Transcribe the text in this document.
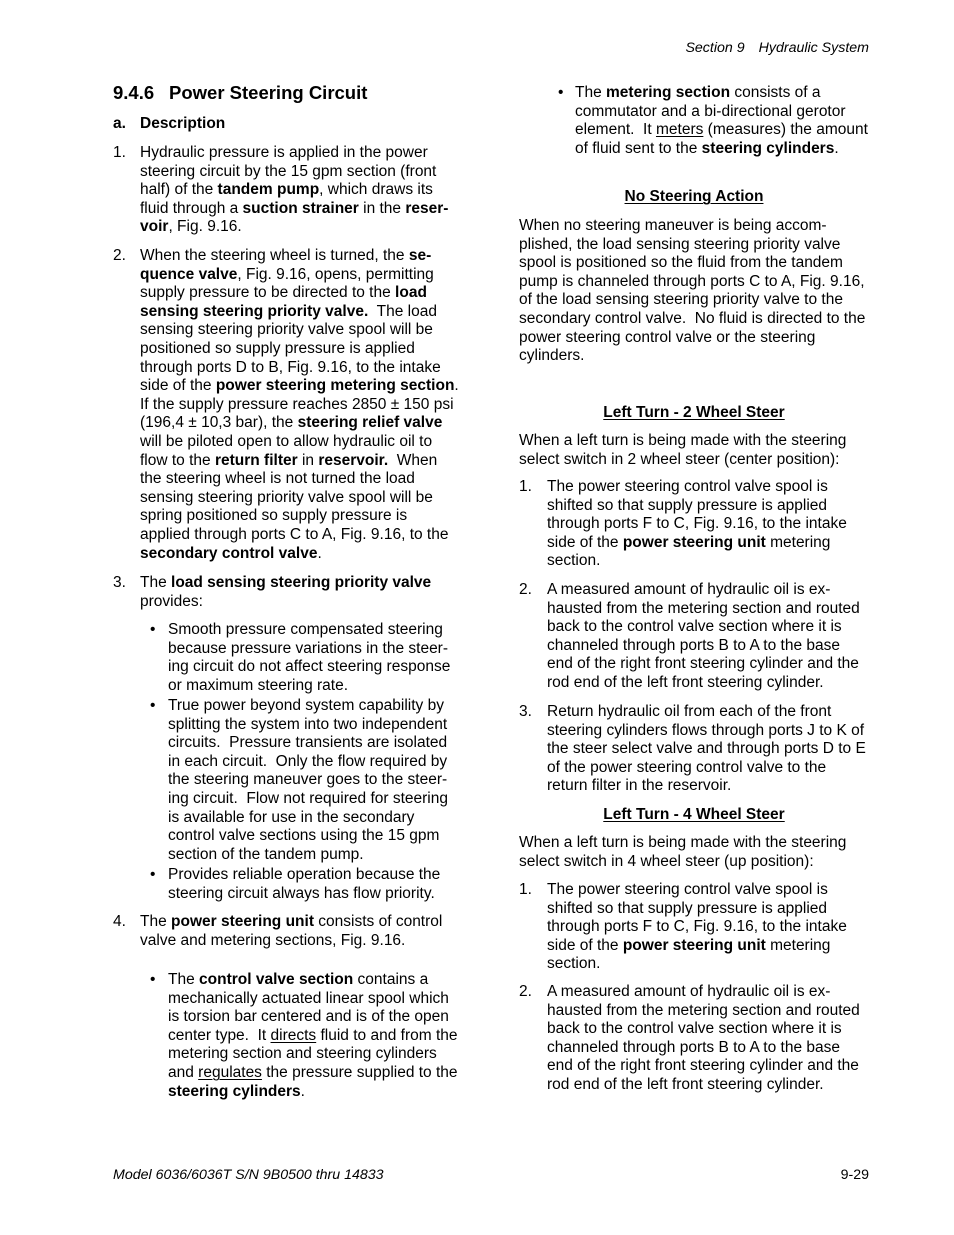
Section 9 Hydraulic System
9.4.6 Power Steering Circuit

a.

Description

1.

Hydraulic pressure is applied in the power
steering circuit by the 15 gpm section (front
half) of the tandem pump, which draws its
fluid through a suction strainer in the reser-
voir, Fig. 9.16.

2.

When the steering wheel is turned, the se-
quence valve, Fig. 9.16, opens, permitting
supply pressure to be directed to the load
sensing steering priority valve.  The load
sensing steering priority valve spool will be
positioned so supply pressure is applied
through ports D to B, Fig. 9.16, to the intake
side of the power steering metering section.
If the supply pressure reaches 2850 ± 150 psi
(196,4 ± 10,3 bar), the steering relief valve
will be piloted open to allow hydraulic oil to
flow to the return filter in reservoir.  When
the steering wheel is not turned the load
sensing steering priority valve spool will be
spring positioned so supply pressure is
applied through ports C to A, Fig. 9.16, to the
secondary control valve.

3.

The load sensing steering priority valve
provides:

•

Smooth pressure compensated steering
because pressure variations in the steer-
ing circuit do not affect steering response
or maximum steering rate.

•

True power beyond system capability by
splitting the system into two independent
circuits.  Pressure transients are isolated
in each circuit.  Only the flow required by
the steering maneuver goes to the steer-
ing circuit.  Flow not required for steering
is available for use in the secondary
control valve sections using the 15 gpm
section of the tandem pump.

•

Provides reliable operation because the
steering circuit always has flow priority.

4.

The power steering unit consists of control
valve and metering sections, Fig. 9.16.

•

The control valve section contains a
mechanically actuated linear spool which
is torsion bar centered and is of the open
center type.  It directs fluid to and from the
metering section and steering cylinders
and regulates the pressure supplied to the
steering cylinders.

•

The metering section consists of a
commutator and a bi-directional gerotor
element.  It meters (measures) the amount
of fluid sent to the steering cylinders.

No Steering Action
When no steering maneuver is being accom-
plished, the load sensing steering priority valve
spool is positioned so the fluid from the tandem
pump is channeled through ports C to A, Fig. 9.16,
of the load sensing steering priority valve to the
secondary control valve.  No fluid is directed to the
power steering control valve or the steering
cylinders.
Left Turn - 2 Wheel Steer
When a left turn is being made with the steering
select switch in 2 wheel steer (center position):

1.

The power steering control valve spool is
shifted so that supply pressure is applied
through ports F to C, Fig. 9.16, to the intake
side of the power steering unit metering
section.

2.

A measured amount of hydraulic oil is ex-
hausted from the metering section and routed
back to the control valve section where it is
channeled through ports B to A to the base
end of the right front steering cylinder and the
rod end of the left front steering cylinder.

3.

Return hydraulic oil from each of the front
steering cylinders flows through ports J to K of
the steer select valve and through ports D to E
of the power steering control valve to the
return filter in the reservoir.

Left Turn - 4 Wheel Steer
When a left turn is being made with the steering
select switch in 4 wheel steer (up position):

1.

The power steering control valve spool is
shifted so that supply pressure is applied
through ports F to C, Fig. 9.16, to the intake
side of the power steering unit metering
section.

2.

A measured amount of hydraulic oil is ex-
hausted from the metering section and routed
back to the control valve section where it is
channeled through ports B to A to the base
end of the right front steering cylinder and the
rod end of the left front steering cylinder.

Model 6036/6036T S/N 9B0500 thru 14833	9-29
